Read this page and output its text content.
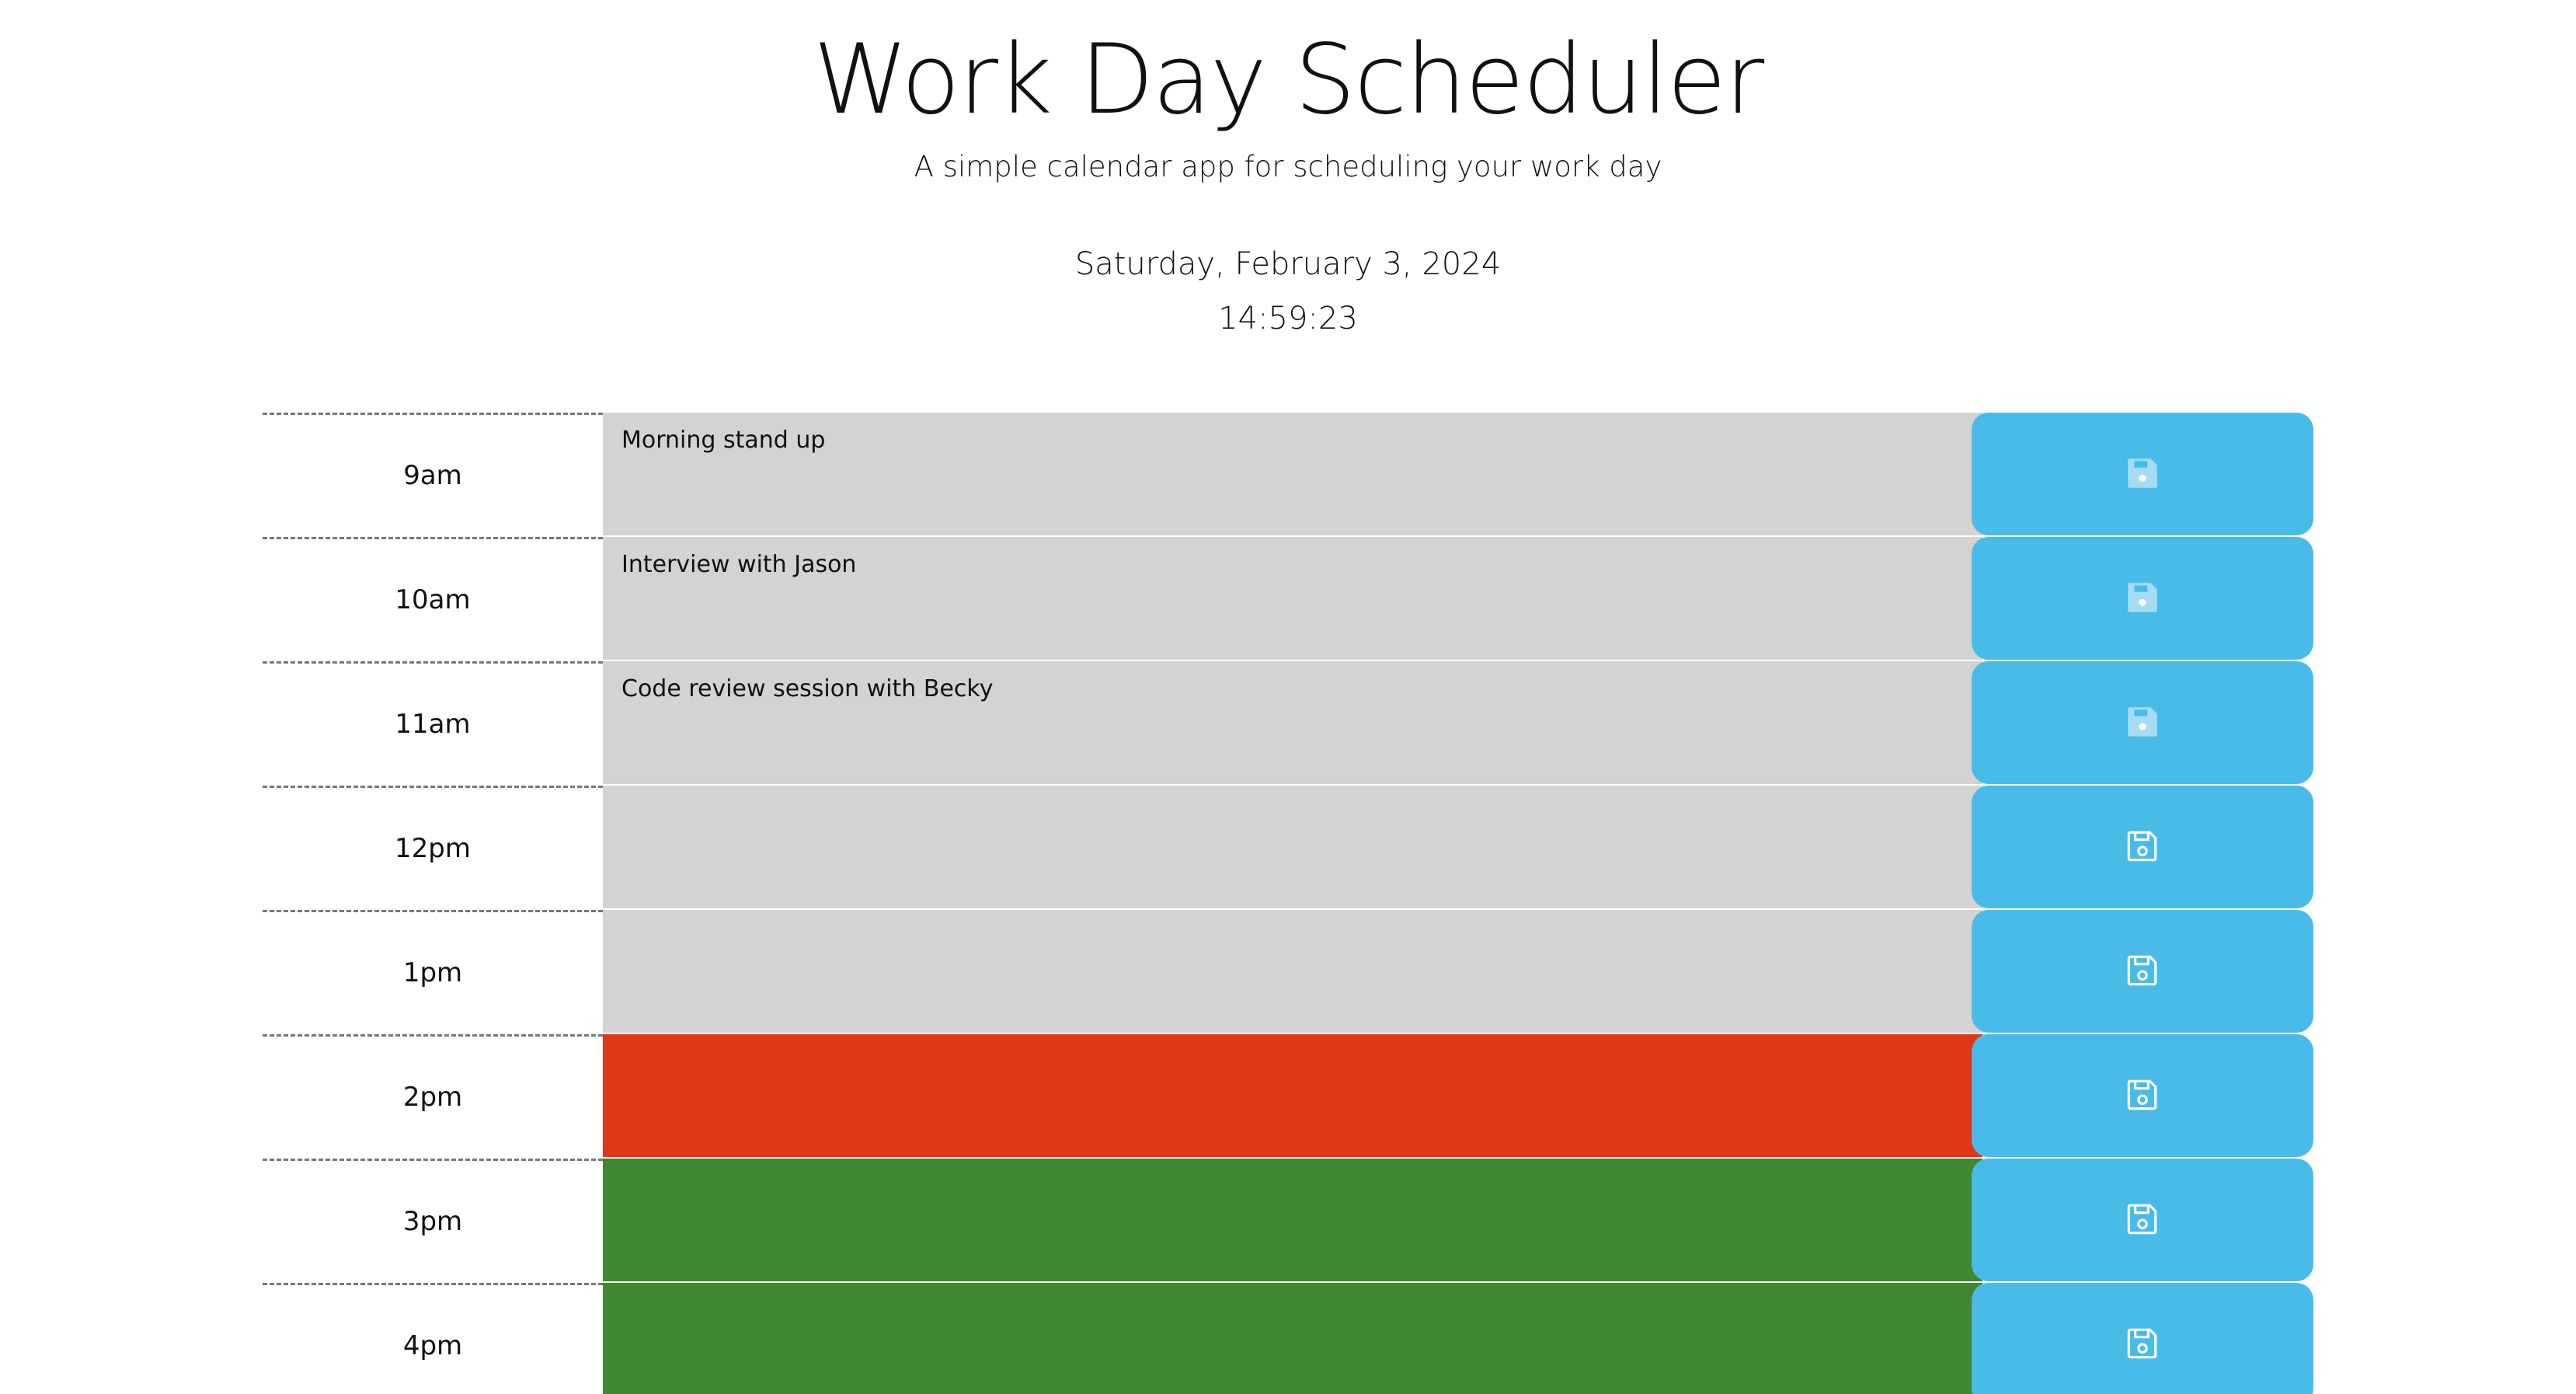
Work Day Scheduler

A simple calendar app for scheduling your work day

Saturday, February 3, 2024
14:59:23
9am
Morning stand up
10am
Interview with Jason
11am
Code review session with Becky
12pm
1pm
2pm
3pm
4pm
